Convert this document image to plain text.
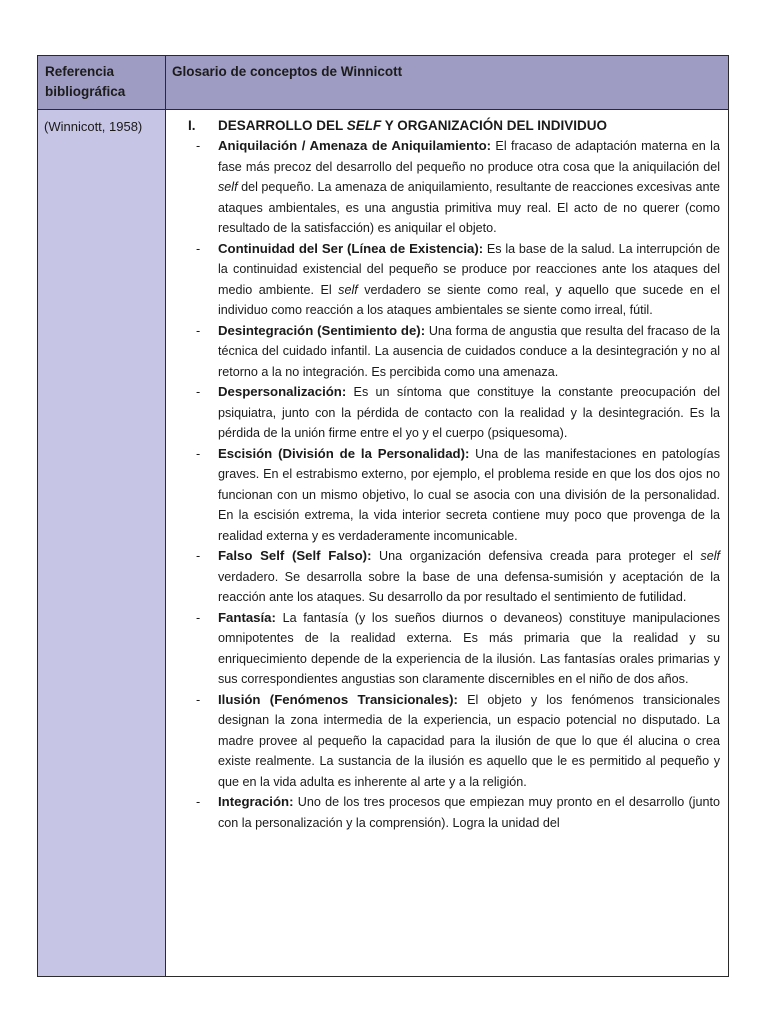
Referencia bibliográfica
Glosario de conceptos de Winnicott
(Winnicott, 1958)	I. DESARROLLO DEL SELF Y ORGANIZACIÓN DEL INDIVIDUO
- Aniquilación / Amenaza de Aniquilamiento: El fracaso de adaptación materna en la fase más precoz del desarrollo del pequeño no produce otra cosa que la aniquilación del self del pequeño. La amenaza de aniquilamiento, resultante de reacciones excesivas ante ataques ambientales, es una angustia primitiva muy real. El acto de no querer (como resultado de la satisfacción) es aniquilar el objeto.
- Continuidad del Ser (Línea de Existencia): Es la base de la salud. La interrupción de la continuidad existencial del pequeño se produce por reacciones ante los ataques del medio ambiente. El self verdadero se siente como real, y aquello que sucede en el individuo como reacción a los ataques ambientales se siente como irreal, fútil.
- Desintegración (Sentimiento de): Una forma de angustia que resulta del fracaso de la técnica del cuidado infantil. La ausencia de cuidados conduce a la desintegración y no al retorno a la no integración. Es percibida como una amenaza.
- Despersonalización: Es un síntoma que constituye la constante preocupación del psiquiatra, junto con la pérdida de contacto con la realidad y la desintegración. Es la pérdida de la unión firme entre el yo y el cuerpo (psiquesoma).
- Escisión (División de la Personalidad): Una de las manifestaciones en patologías graves. En el estrabismo externo, por ejemplo, el problema reside en que los dos ojos no funcionan con un mismo objetivo, lo cual se asocia con una división de la personalidad. En la escisión extrema, la vida interior secreta contiene muy poco que provenga de la realidad externa y es verdaderamente incomunicable.
- Falso Self (Self Falso): Una organización defensiva creada para proteger el self verdadero. Se desarrolla sobre la base de una defensa-sumisión y aceptación de la reacción ante los ataques. Su desarrollo da por resultado el sentimiento de futilidad.
- Fantasía: La fantasía (y los sueños diurnos o devaneos) constituye manipulaciones omnipotentes de la realidad externa. Es más primaria que la realidad y su enriquecimiento depende de la experiencia de la ilusión. Las fantasías orales primarias y sus correspondientes angustias son claramente discernibles en el niño de dos años.
- Ilusión (Fenómenos Transicionales): El objeto y los fenómenos transicionales designan la zona intermedia de la experiencia, un espacio potencial no disputado. La madre provee al pequeño la capacidad para la ilusión de que lo que él alucina o crea existe realmente. La sustancia de la ilusión es aquello que le es permitido al pequeño y que en la vida adulta es inherente al arte y a la religión.
- Integración: Uno de los tres procesos que empiezan muy pronto en el desarrollo (junto con la personalización y la comprensión). Logra la unidad del
